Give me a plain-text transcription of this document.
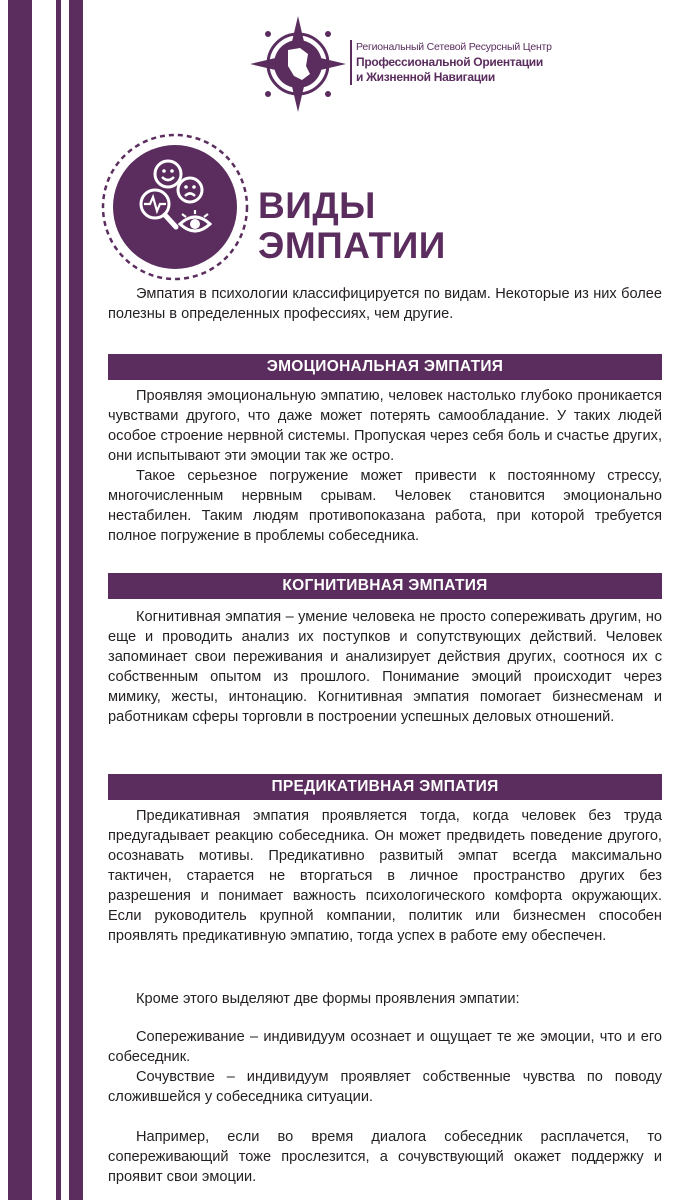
Региональный Сетевой Ресурсный Центр
Профессиональной Ориентации
и Жизненной Навигации
ВИДЫ
ЭМПАТИИ

Эмпатия в психологии классифицируется по видам. Некоторые из них более полезны в определенных профессиях, чем другие.

ЭМОЦИОНАЛЬНАЯ ЭМПАТИЯ

Проявляя эмоциональную эмпатию, человек настолько глубоко проникается чувствами другого, что даже может потерять самообладание. У таких людей особое строение нервной системы. Пропуская через себя боль и счастье других, они испытывают эти эмоции так же остро.

Такое серьезное погружение может привести к постоянному стрессу, многочисленным нервным срывам. Человек становится эмоционально нестабилен. Таким людям противопоказана работа, при которой требуется полное погружение в проблемы собеседника.

КОГНИТИВНАЯ ЭМПАТИЯ

Когнитивная эмпатия – умение человека не просто сопереживать другим, но еще и проводить анализ их поступков и сопутствующих действий. Человек запоминает свои переживания и анализирует действия других, соотнося их с собственным опытом из прошлого. Понимание эмоций происходит через мимику, жесты, интонацию. Когнитивная эмпатия помогает бизнесменам и работникам сферы торговли в построении успешных деловых отношений.

ПРЕДИКАТИВНАЯ ЭМПАТИЯ

Предикативная эмпатия проявляется тогда, когда человек без труда предугадывает реакцию собеседника. Он может предвидеть поведение другого, осознавать мотивы. Предикативно развитый эмпат всегда максимально тактичен, старается не вторгаться в личное пространство других без разрешения и понимает важность психологического комфорта окружающих. Если руководитель крупной компании, политик или бизнесмен способен проявлять предикативную эмпатию, тогда успех в работе ему обеспечен.

Кроме этого выделяют две формы проявления эмпатии:

Сопереживание – индивидуум осознает и ощущает те же эмоции, что и его собеседник.

Сочувствие – индивидуум проявляет собственные чувства по поводу сложившейся у собеседника ситуации.

Например, если во время диалога собеседник расплачется, то сопереживающий тоже прослезится, а сочувствующий окажет поддержку и проявит свои эмоции.
